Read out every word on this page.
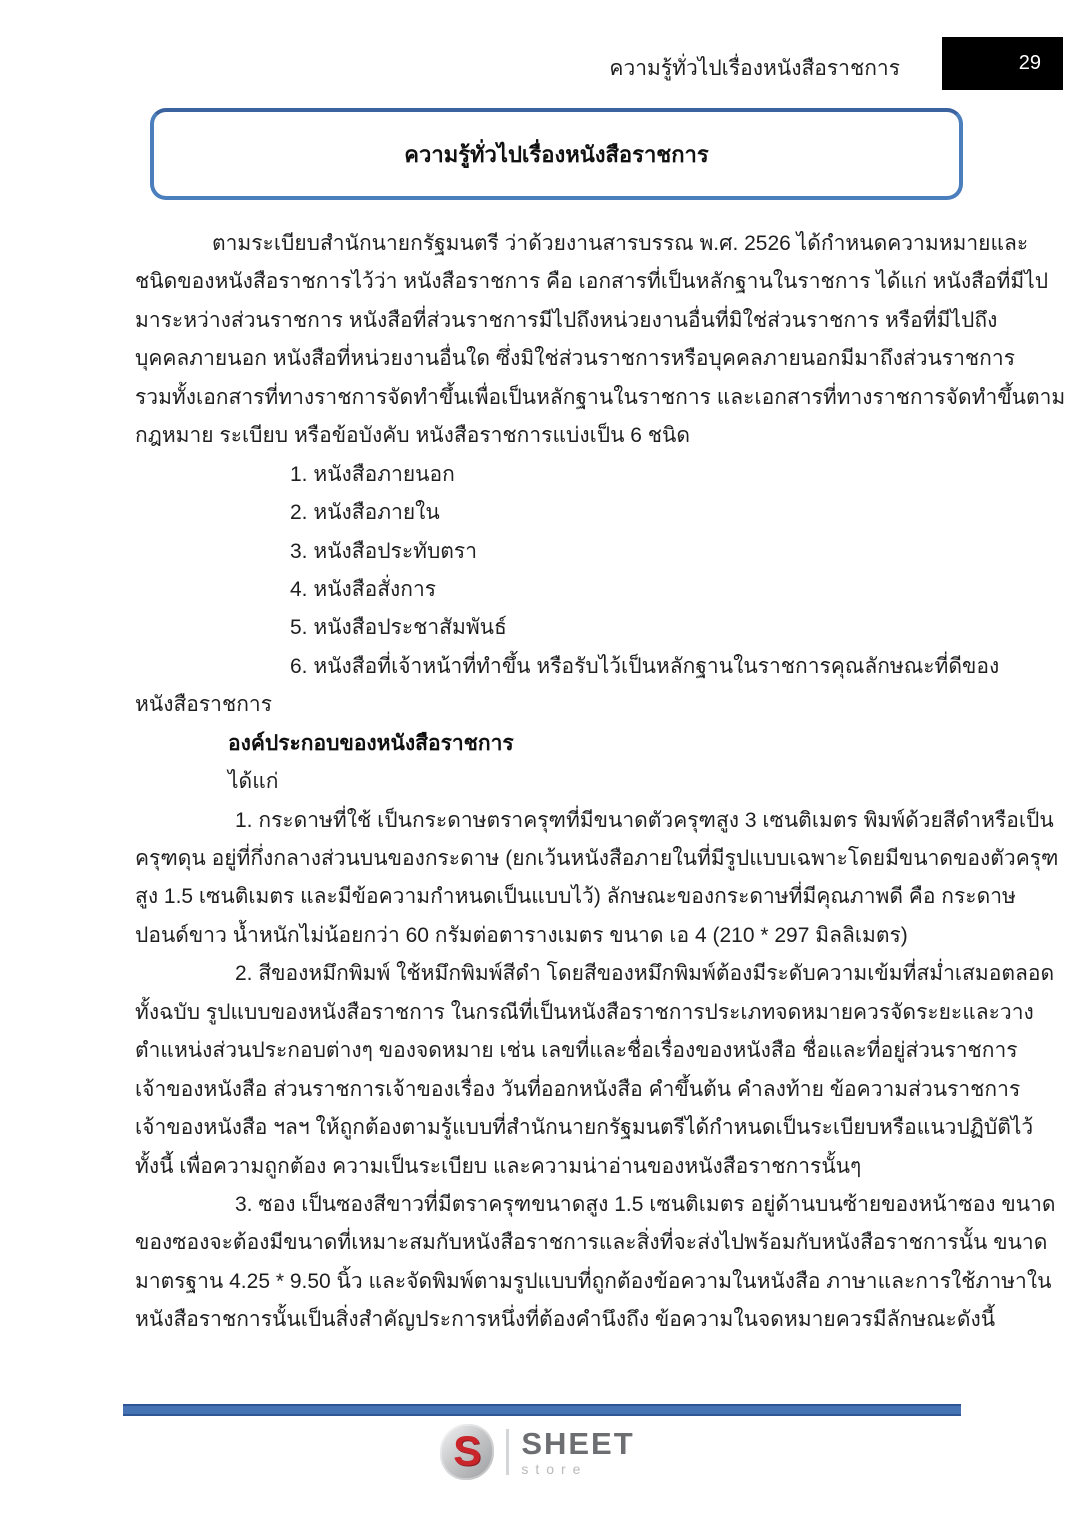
ความรู้ทั่วไปเรื่องหนังสือราชการ	29
ความรู้ทั่วไปเรื่องหนังสือราชการ
ตามระเบียบสำนักนายกรัฐมนตรี ว่าด้วยงานสารบรรณ พ.ศ. 2526 ได้กำหนดความหมายและ
ชนิดของหนังสือราชการไว้ว่า หนังสือราชการ คือ เอกสารที่เป็นหลักฐานในราชการ ได้แก่ หนังสือที่มีไป
มาระหว่างส่วนราชการ หนังสือที่ส่วนราชการมีไปถึงหน่วยงานอื่นที่มิใช่ส่วนราชการ หรือที่มีไปถึง
บุคคลภายนอก หนังสือที่หน่วยงานอื่นใด ซึ่งมิใช่ส่วนราชการหรือบุคคลภายนอกมีมาถึงส่วนราชการ
รวมทั้งเอกสารที่ทางราชการจัดทำขึ้นเพื่อเป็นหลักฐานในราชการ และเอกสารที่ทางราชการจัดทำขึ้นตาม
กฎหมาย ระเบียบ หรือข้อบังคับ หนังสือราชการแบ่งเป็น 6 ชนิด
1. หนังสือภายนอก
2. หนังสือภายใน
3. หนังสือประทับตรา
4. หนังสือสั่งการ
5. หนังสือประชาสัมพันธ์
6. หนังสือที่เจ้าหน้าที่ทำขึ้น หรือรับไว้เป็นหลักฐานในราชการคุณลักษณะที่ดีของ
หนังสือราชการ
องค์ประกอบของหนังสือราชการ
ได้แก่
1. กระดาษที่ใช้ เป็นกระดาษตราครุฑที่มีขนาดตัวครุฑสูง 3 เซนติเมตร พิมพ์ด้วยสีดำหรือเป็น
ครุฑดุน อยู่ที่กึ่งกลางส่วนบนของกระดาษ (ยกเว้นหนังสือภายในที่มีรูปแบบเฉพาะโดยมีขนาดของตัวครุฑ
สูง 1.5 เซนติเมตร และมีข้อความกำหนดเป็นแบบไว้) ลักษณะของกระดาษที่มีคุณภาพดี คือ กระดาษ
ปอนด์ขาว น้ำหนักไม่น้อยกว่า 60 กรัมต่อตารางเมตร ขนาด เอ 4 (210 * 297 มิลลิเมตร)
2. สีของหมึกพิมพ์ ใช้หมึกพิมพ์สีดำ โดยสีของหมึกพิมพ์ต้องมีระดับความเข้มที่สม่ำเสมอตลอด
ทั้งฉบับ รูปแบบของหนังสือราชการ ในกรณีที่เป็นหนังสือราชการประเภทจดหมายควรจัดระยะและวาง
ตำแหน่งส่วนประกอบต่างๆ ของจดหมาย เช่น เลขที่และชื่อเรื่องของหนังสือ ชื่อและที่อยู่ส่วนราชการ
เจ้าของหนังสือ ส่วนราชการเจ้าของเรื่อง วันที่ออกหนังสือ คำขึ้นต้น คำลงท้าย ข้อความส่วนราชการ
เจ้าของหนังสือ ฯลฯ ให้ถูกต้องตามรู้แบบที่สำนักนายกรัฐมนตรีได้กำหนดเป็นระเบียบหรือแนวปฏิบัติไว้
ทั้งนี้ เพื่อความถูกต้อง ความเป็นระเบียบ และความน่าอ่านของหนังสือราชการนั้นๆ
3. ซอง เป็นซองสีขาวที่มีตราครุฑขนาดสูง 1.5 เซนติเมตร อยู่ด้านบนซ้ายของหน้าซอง ขนาด
ของซองจะต้องมีขนาดที่เหมาะสมกับหนังสือราชการและสิ่งที่จะส่งไปพร้อมกับหนังสือราชการนั้น ขนาด
มาตรฐาน 4.25 * 9.50 นิ้ว และจัดพิมพ์ตามรูปแบบที่ถูกต้องข้อความในหนังสือ ภาษาและการใช้ภาษาใน
หนังสือราชการนั้นเป็นสิ่งสำคัญประการหนึ่งที่ต้องคำนึงถึง ข้อความในจดหมายควรมีลักษณะดังนี้
S SHEET
store
